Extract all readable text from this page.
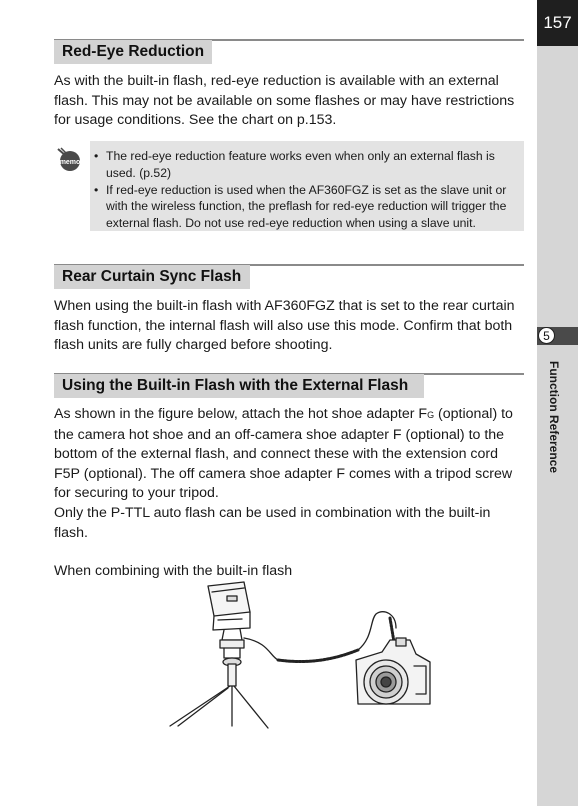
157
5
Function Reference
Red-Eye Reduction

As with the built-in flash, red-eye reduction is available with an external flash. This may not be available on some flashes or may have restrictions for usage conditions. See the chart on p.153.

memo
• The red-eye reduction feature works even when only an external flash is used. (p.52)
• If red-eye reduction is used when the AF360FGZ is set as the slave unit or with the wireless function, the preflash for red-eye reduction will trigger the external flash. Do not use red-eye reduction when using a slave unit.
Rear Curtain Sync Flash

When using the built-in flash with AF360FGZ that is set to the rear curtain flash function, the internal flash will also use this mode. Confirm that both flash units are fully charged before shooting.

Using the Built-in Flash with the External Flash

As shown in the figure below, attach the hot shoe adapter FG (optional) to the camera hot shoe and an off-camera shoe adapter F (optional) to the bottom of the external flash, and connect these with the extension cord F5P (optional). The off camera shoe adapter F comes with a tripod screw for securing to your tripod.

Only the P-TTL auto flash can be used in combination with the built-in flash.

When combining with the built-in flash
